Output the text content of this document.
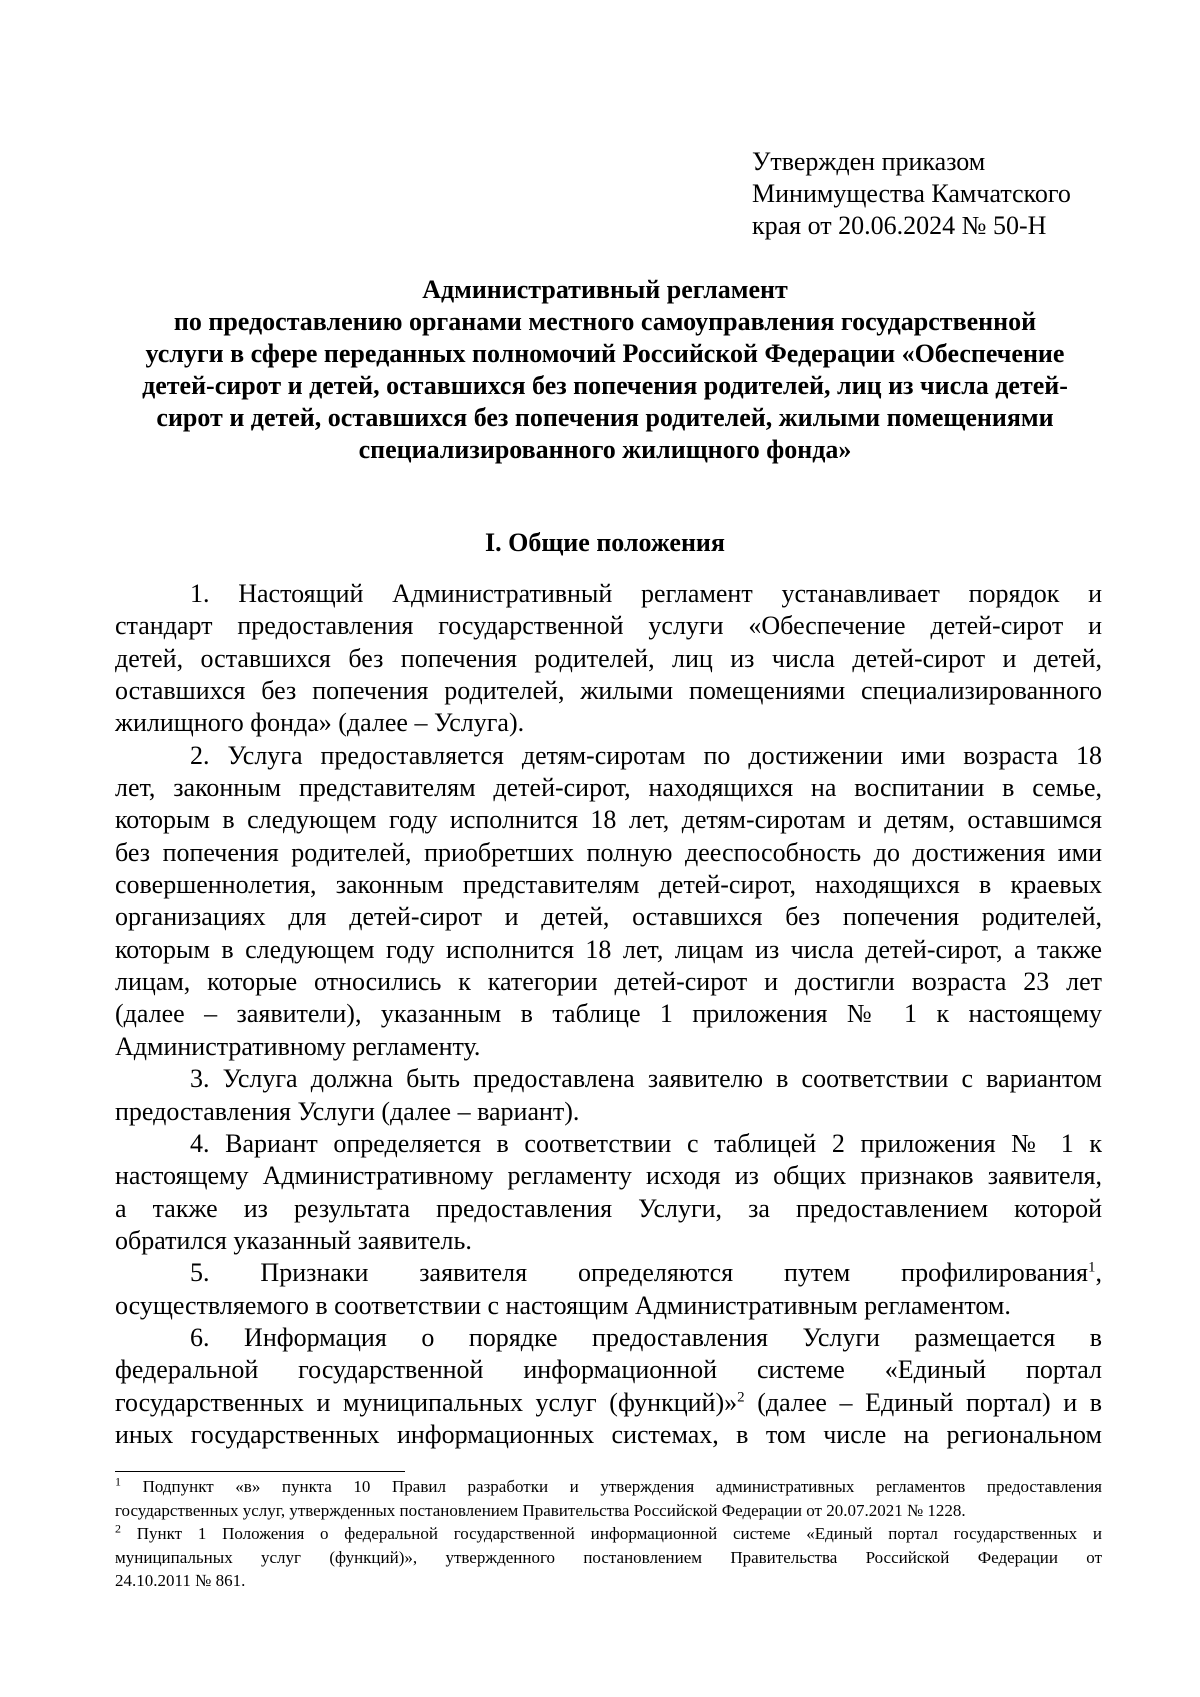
Утвержден приказом
Минимущества Камчатского
края от 20.06.2024 № 50-Н
Административный регламент
по предоставлению органами местного самоуправления государственной
услуги в сфере переданных полномочий Российской Федерации «Обеспечение
детей-сирот и детей, оставшихся без попечения родителей, лиц из числа детей-
сирот и детей, оставшихся без попечения родителей, жилыми помещениями
специализированного жилищного фонда»
I. Общие положения
1. Настоящий Административный регламент устанавливает порядок и
стандарт предоставления государственной услуги «Обеспечение детей-сирот и
детей, оставшихся без попечения родителей, лиц из числа детей-сирот и детей,
оставшихся без попечения родителей, жилыми помещениями специализированного
жилищного фонда» (далее – Услуга).
2. Услуга предоставляется детям-сиротам по достижении ими возраста 18
лет, законным представителям детей-сирот, находящихся на воспитании в семье,
которым в следующем году исполнится 18 лет, детям-сиротам и детям, оставшимся
без попечения родителей, приобретших полную дееспособность до достижения ими
совершеннолетия, законным представителям детей-сирот, находящихся в краевых
организациях для детей-сирот и детей, оставшихся без попечения родителей,
которым в следующем году исполнится 18 лет, лицам из числа детей-сирот, а также
лицам, которые относились к категории детей-сирот и достигли возраста 23 лет
(далее – заявители), указанным в таблице 1 приложения № 1 к настоящему
Административному регламенту.
3. Услуга должна быть предоставлена заявителю в соответствии с вариантом
предоставления Услуги (далее – вариант).
4. Вариант определяется в соответствии с таблицей 2 приложения № 1 к
настоящему Административному регламенту исходя из общих признаков заявителя,
а также из результата предоставления Услуги, за предоставлением которой
обратился указанный заявитель.
5. Признаки заявителя определяются путем профилирования$^1$,
осуществляемого в соответствии с настоящим Административным регламентом.
6. Информация о порядке предоставления Услуги размещается в
федеральной государственной информационной системе «Единый портал
государственных и муниципальных услуг (функций)»$^2$ (далее – Единый портал) и в
иных государственных информационных системах, в том числе на региональном
$^1$ Подпункт «в» пункта 10 Правил разработки и утверждения административных регламентов предоставления
государственных услуг, утвержденных постановлением Правительства Российской Федерации от 20.07.2021 № 1228.
$^2$ Пункт 1 Положения о федеральной государственной информационной системе «Единый портал государственных и
муниципальных услуг (функций)», утвержденного постановлением Правительства Российской Федерации от
24.10.2011 № 861.
